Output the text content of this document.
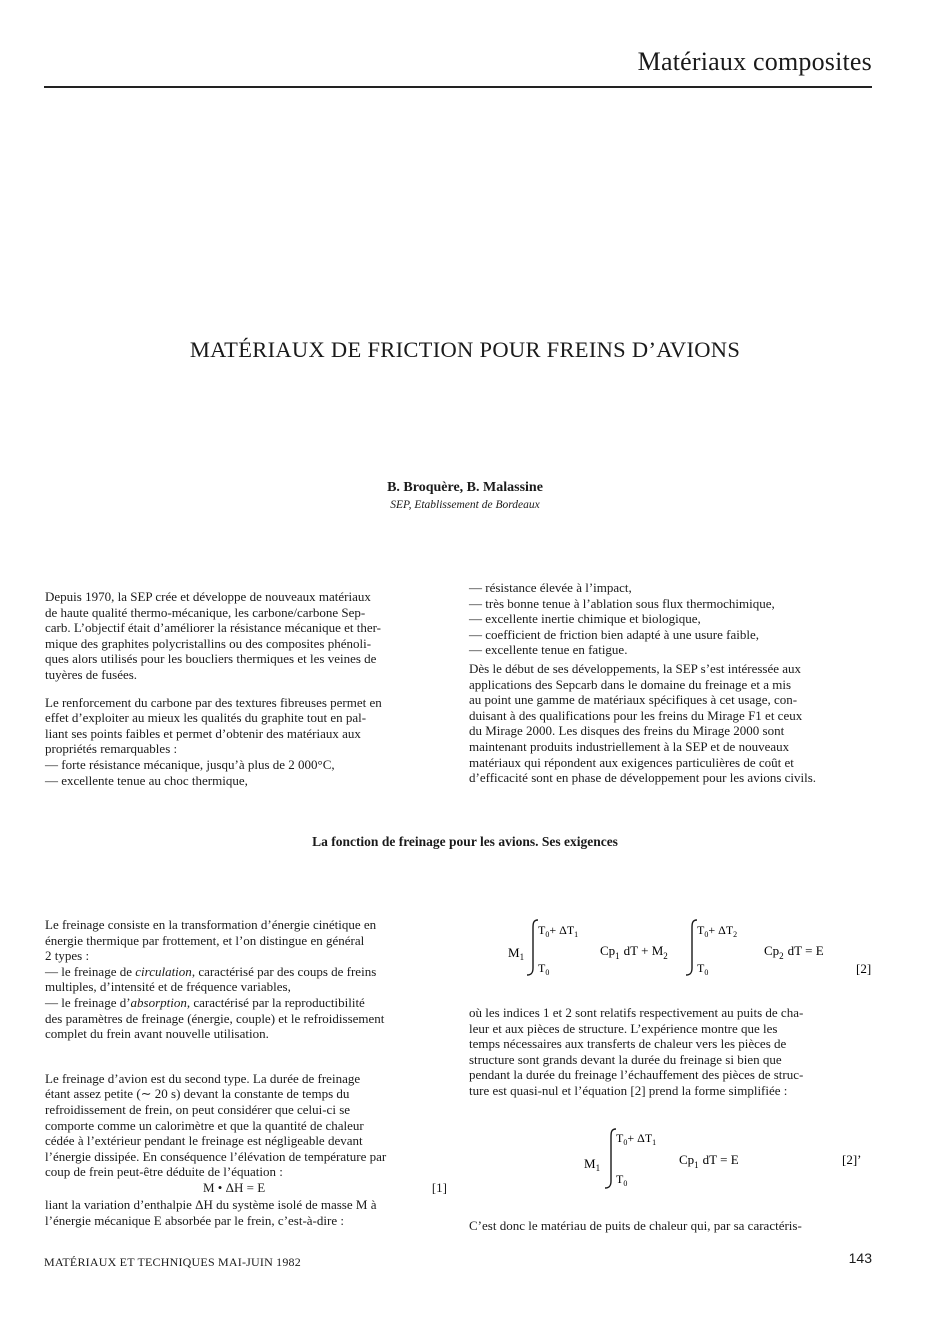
Matériaux composites
MATÉRIAUX DE FRICTION POUR FREINS D’AVIONS
B. Broquère, B. Malassine
SEP, Etablissement de Bordeaux

Depuis 1970, la SEP crée et développe de nouveaux matériaux
de haute qualité thermo-mécanique, les carbone/carbone Sep-
carb. L’objectif était d’améliorer la résistance mécanique et ther-
mique des graphites polycristallins ou des composites phénoli-
ques alors utilisés pour les boucliers thermiques et les veines de
tuyères de fusées.

Le renforcement du carbone par des textures fibreuses permet en
effet d’exploiter au mieux les qualités du graphite tout en pal-
liant ses points faibles et permet d’obtenir des matériaux aux
propriétés remarquables :

— forte résistance mécanique, jusqu’à plus de 2 000°C,
— excellente tenue au choc thermique,

— résistance élevée à l’impact,
— très bonne tenue à l’ablation sous flux thermochimique,
— excellente inertie chimique et biologique,
— coefficient de friction bien adapté à une usure faible,
— excellente tenue en fatigue.

Dès le début de ses développements, la SEP s’est intéressée aux
applications des Sepcarb dans le domaine du freinage et a mis
au point une gamme de matériaux spécifiques à cet usage, con-
duisant à des qualifications pour les freins du Mirage F1 et ceux
du Mirage 2000. Les disques des freins du Mirage 2000 sont
maintenant produits industriellement à la SEP et de nouveaux
matériaux qui répondent aux exigences particulières de coût et
d’efficacité sont en phase de développement pour les avions civils.

La fonction de freinage pour les avions. Ses exigences

Le freinage consiste en la transformation d’énergie cinétique en
énergie thermique par frottement, et l’on distingue en général
2 types :
— le freinage de circulation, caractérisé par des coups de freins
multiples, d’intensité et de fréquence variables,
— le freinage d’absorption, caractérisé par la reproductibilité
des paramètres de freinage (énergie, couple) et le refroidissement
complet du frein avant nouvelle utilisation.

Le freinage d’avion est du second type. La durée de freinage
étant assez petite (∼ 20 s) devant la constante de temps du
refroidissement de frein, on peut considérer que celui-ci se
comporte comme un calorimètre et que la quantité de chaleur
cédée à l’extérieur pendant le freinage est négligeable devant
l’énergie dissipée. En conséquence l’élévation de température par
coup de frein peut-être déduite de l’équation :

M • ΔH = E	[1]

liant la variation d’enthalpie ΔH du système isolé de masse M à
l’énergie mécanique E absorbée par le frein, c’est-à-dire :

$M_1$
$T_0+ \Delta T_1$
$T_0$
$Cp_1$ dT + $M_2$
$T_0+ \Delta T_2$
$T_0$
$Cp_2$ dT = E
[2]

où les indices 1 et 2 sont relatifs respectivement au puits de cha-
leur et aux pièces de structure. L’expérience montre que les
temps nécessaires aux transferts de chaleur vers les pièces de
structure sont grands devant la durée du freinage si bien que
pendant la durée du freinage l’échauffement des pièces de struc-
ture est quasi-nul et l’équation [2] prend la forme simplifiée :

$M_1$
$T_0+ \Delta T_1$
$T_0$
$Cp_1$ dT = E	[2]’
C’est donc le matériau de puits de chaleur qui, par sa caractéris-
MATÉRIAUX ET TECHNIQUES MAI-JUIN 1982	143
